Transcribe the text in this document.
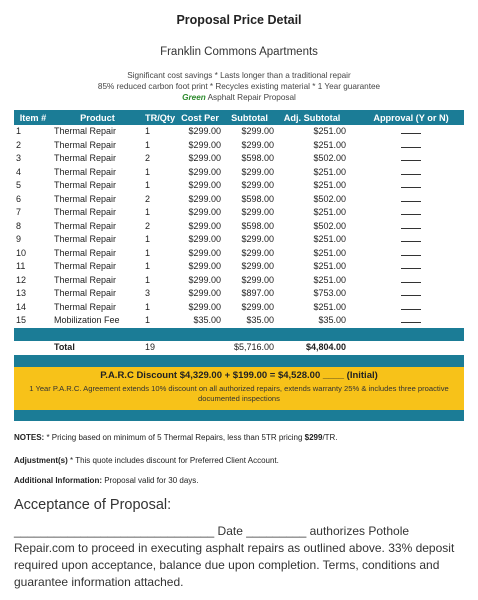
Proposal Price Detail
Franklin Commons Apartments
Significant cost savings * Lasts longer than a traditional repair
85% reduced carbon foot print * Recycles existing material * 1 Year guarantee
Green Asphalt Repair Proposal
Item #	Product	TR/Qty	Cost Per	Subtotal	Adj. Subtotal	Approval (Y or N)
1	Thermal Repair	1	$299.00	$299.00	$251.00	
2	Thermal Repair	1	$299.00	$299.00	$251.00	
3	Thermal Repair	2	$299.00	$598.00	$502.00	
4	Thermal Repair	1	$299.00	$299.00	$251.00	
5	Thermal Repair	1	$299.00	$299.00	$251.00	
6	Thermal Repair	2	$299.00	$598.00	$502.00	
7	Thermal Repair	1	$299.00	$299.00	$251.00	
8	Thermal Repair	2	$299.00	$598.00	$502.00	
9	Thermal Repair	1	$299.00	$299.00	$251.00	
10	Thermal Repair	1	$299.00	$299.00	$251.00	
11	Thermal Repair	1	$299.00	$299.00	$251.00	
12	Thermal Repair	1	$299.00	$299.00	$251.00	
13	Thermal Repair	3	$299.00	$897.00	$753.00	
14	Thermal Repair	1	$299.00	$299.00	$251.00	
15	Mobilization Fee	1	$35.00	$35.00	$35.00	

	Total	19		$5,716.00	$4,804.00	

P.A.R.C Discount $4,329.00 + $199.00 = $4,528.00 ____ (Initial)
1 Year P.A.R.C. Agreement extends 10% discount on all authorized repairs, extends warranty 25% & includes three proactive documented inspections
NOTES: * Pricing based on minimum of 5 Thermal Repairs, less than 5TR pricing $299/TR.
Adjustment(s) * This quote includes discount for Preferred Client Account.
Additional Information: Proposal valid for 30 days.
Acceptance of Proposal:
______________________________ Date _________ authorizes Pothole Repair.com to proceed in executing asphalt repairs as outlined above. 33% deposit required upon acceptance, balance due upon completion. Terms, conditions and guarantee information attached.
